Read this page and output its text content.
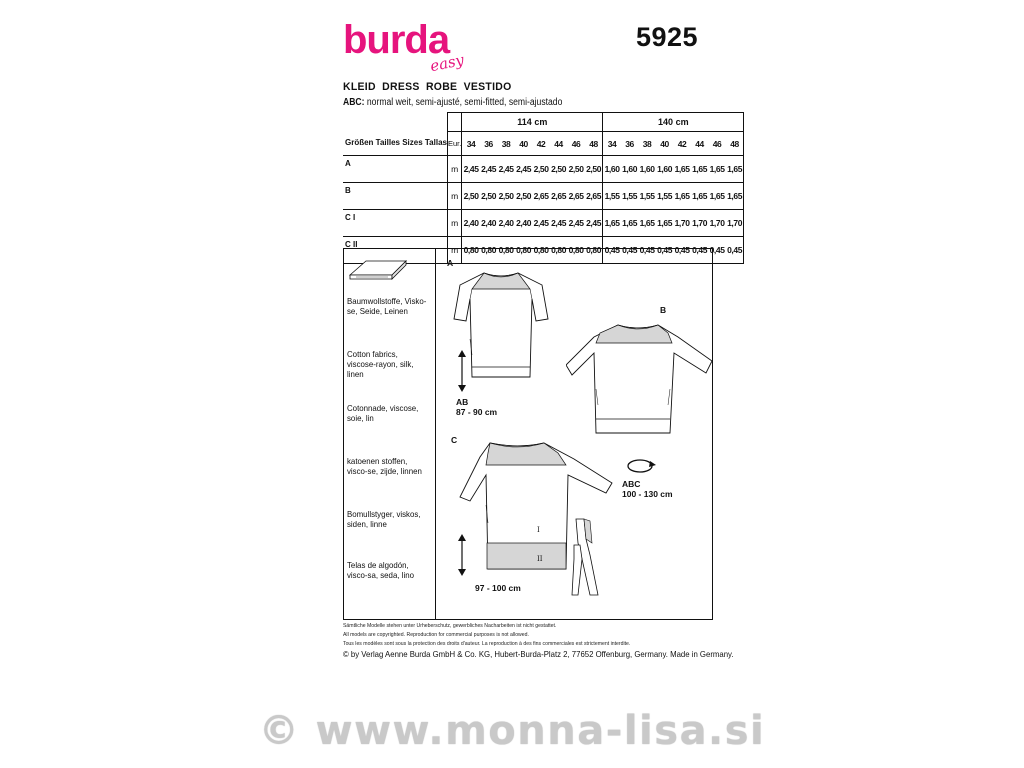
burda
easy
5925
KLEID  DRESS  ROBE  VESTIDO
ABC: normal weit, semi-ajusté, semi-fitted, semi-ajustado
		114 cm								140 cm							
Größen Tailles Sizes Tallas	Eur.	34	36	38	40	42	44	46	48		34	36	38	40	42	44	46	48
A	m	2,45	2,45	2,45	2,45	2,50	2,50	2,50	2,50		1,60	1,60	1,60	1,60	1,65	1,65	1,65	1,65
B	m	2,50	2,50	2,50	2,50	2,65	2,65	2,65	2,65		1,55	1,55	1,55	1,55	1,65	1,65	1,65	1,65
C I	m	2,40	2,40	2,40	2,40	2,45	2,45	2,45	2,45		1,65	1,65	1,65	1,65	1,70	1,70	1,70	1,70
C II	m	0,80	0,80	0,80	0,80	0,80	0,80	0,80	0,80		0,45	0,45	0,45	0,45	0,45	0,45	0,45	0,45
Baumwollstoffe, Visko-se, Seide, Leinen
Cotton fabrics, viscose-rayon, silk, linen
Cotonnade, viscose, soie, lin
katoenen stoffen, visco-se, zijde, linnen
Bomullstyger, viskos, siden, linne
Telas de algodón, visco-sa, seda, lino
A
AB
87 - 90 cm
B
C
I
II
97 - 100 cm
ABC
100 - 130 cm
Sämtliche Modelle stehen unter Urheberschutz, gewerbliches Nacharbeiten ist nicht gestattet.
All models are copyrighted. Reproduction for commercial purposes is not allowed.
Tous les modèles sont sous la protection des droits d'auteur. La reproduction à des fins commerciales est strictement interdite.
© by Verlag Aenne Burda GmbH & Co. KG, Hubert-Burda-Platz 2, 77652 Offenburg, Germany. Made in Germany.
© www.monna-lisa.si
